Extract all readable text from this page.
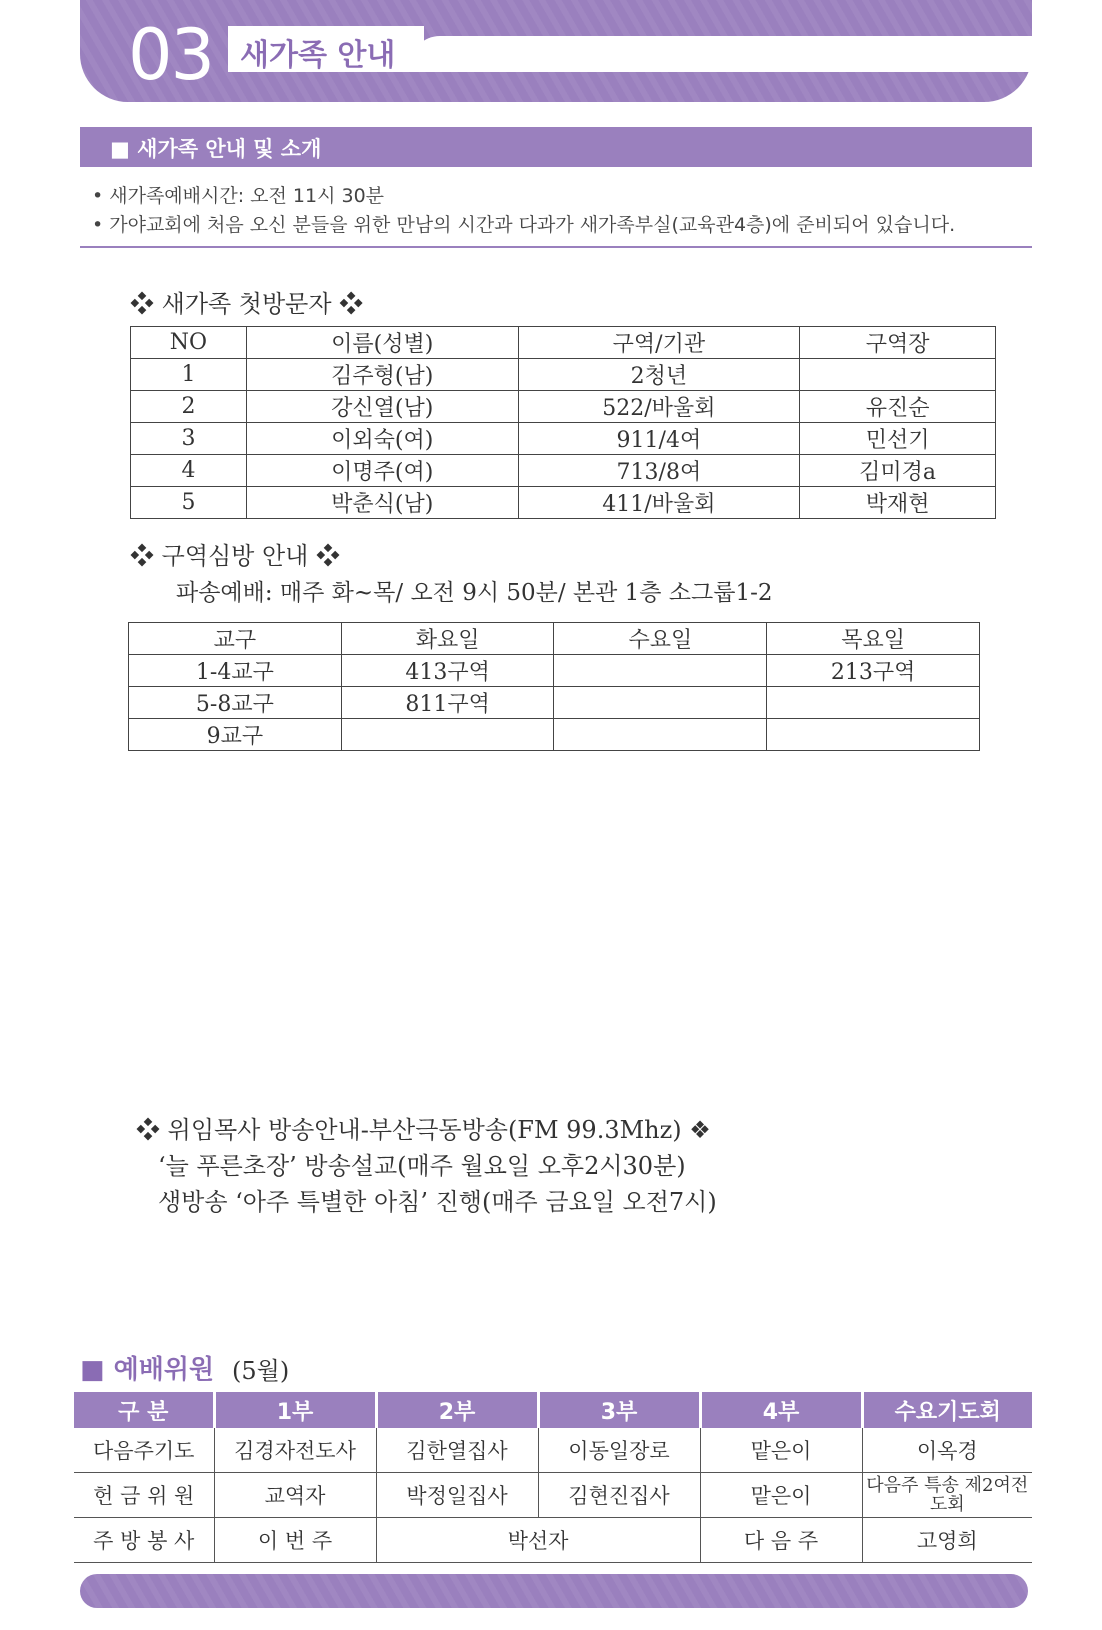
03 새가족 안내
■ 새가족 안내 및 소개
• 새가족예배시간: 오전 11시 30분
• 가야교회에 처음 오신 분들을 위한 만남의 시간과 다과가 새가족부실(교육관4층)에 준비되어 있습니다.
❖ 새가족 첫방문자 ❖
NO	이름(성별)	구역/기관	구역장
1	김주형(남)	2청년	
2	강신열(남)	522/바울회	유진순
3	이외숙(여)	911/4여	민선기
4	이명주(여)	713/8여	김미경a
5	박춘식(남)	411/바울회	박재현
❖ 구역심방 안내 ❖
파송예배: 매주 화~목/ 오전 9시 50분/ 본관 1층 소그룹1-2
교구	화요일	수요일	목요일
1-4교구	413구역		213구역
5-8교구	811구역		
9교구			
❖ 위임목사 방송안내-부산극동방송(FM 99.3Mhz) ❖
‘늘 푸른초장’ 방송설교(매주 월요일 오후2시30분)
생방송 ‘아주 특별한 아침’ 진행(매주 금요일 오전7시)
■ 예배위원 (5월)
구 분	1부	2부	3부	4부	수요기도회
다음주기도	김경자전도사	김한열집사	이동일장로	맡은이	이옥경
헌 금 위 원	교역자	박정일집사	김현진집사	맡은이	다음주 특송 제2여전도회
주 방 봉 사	이 번 주	박선자		다 음 주	고영희
